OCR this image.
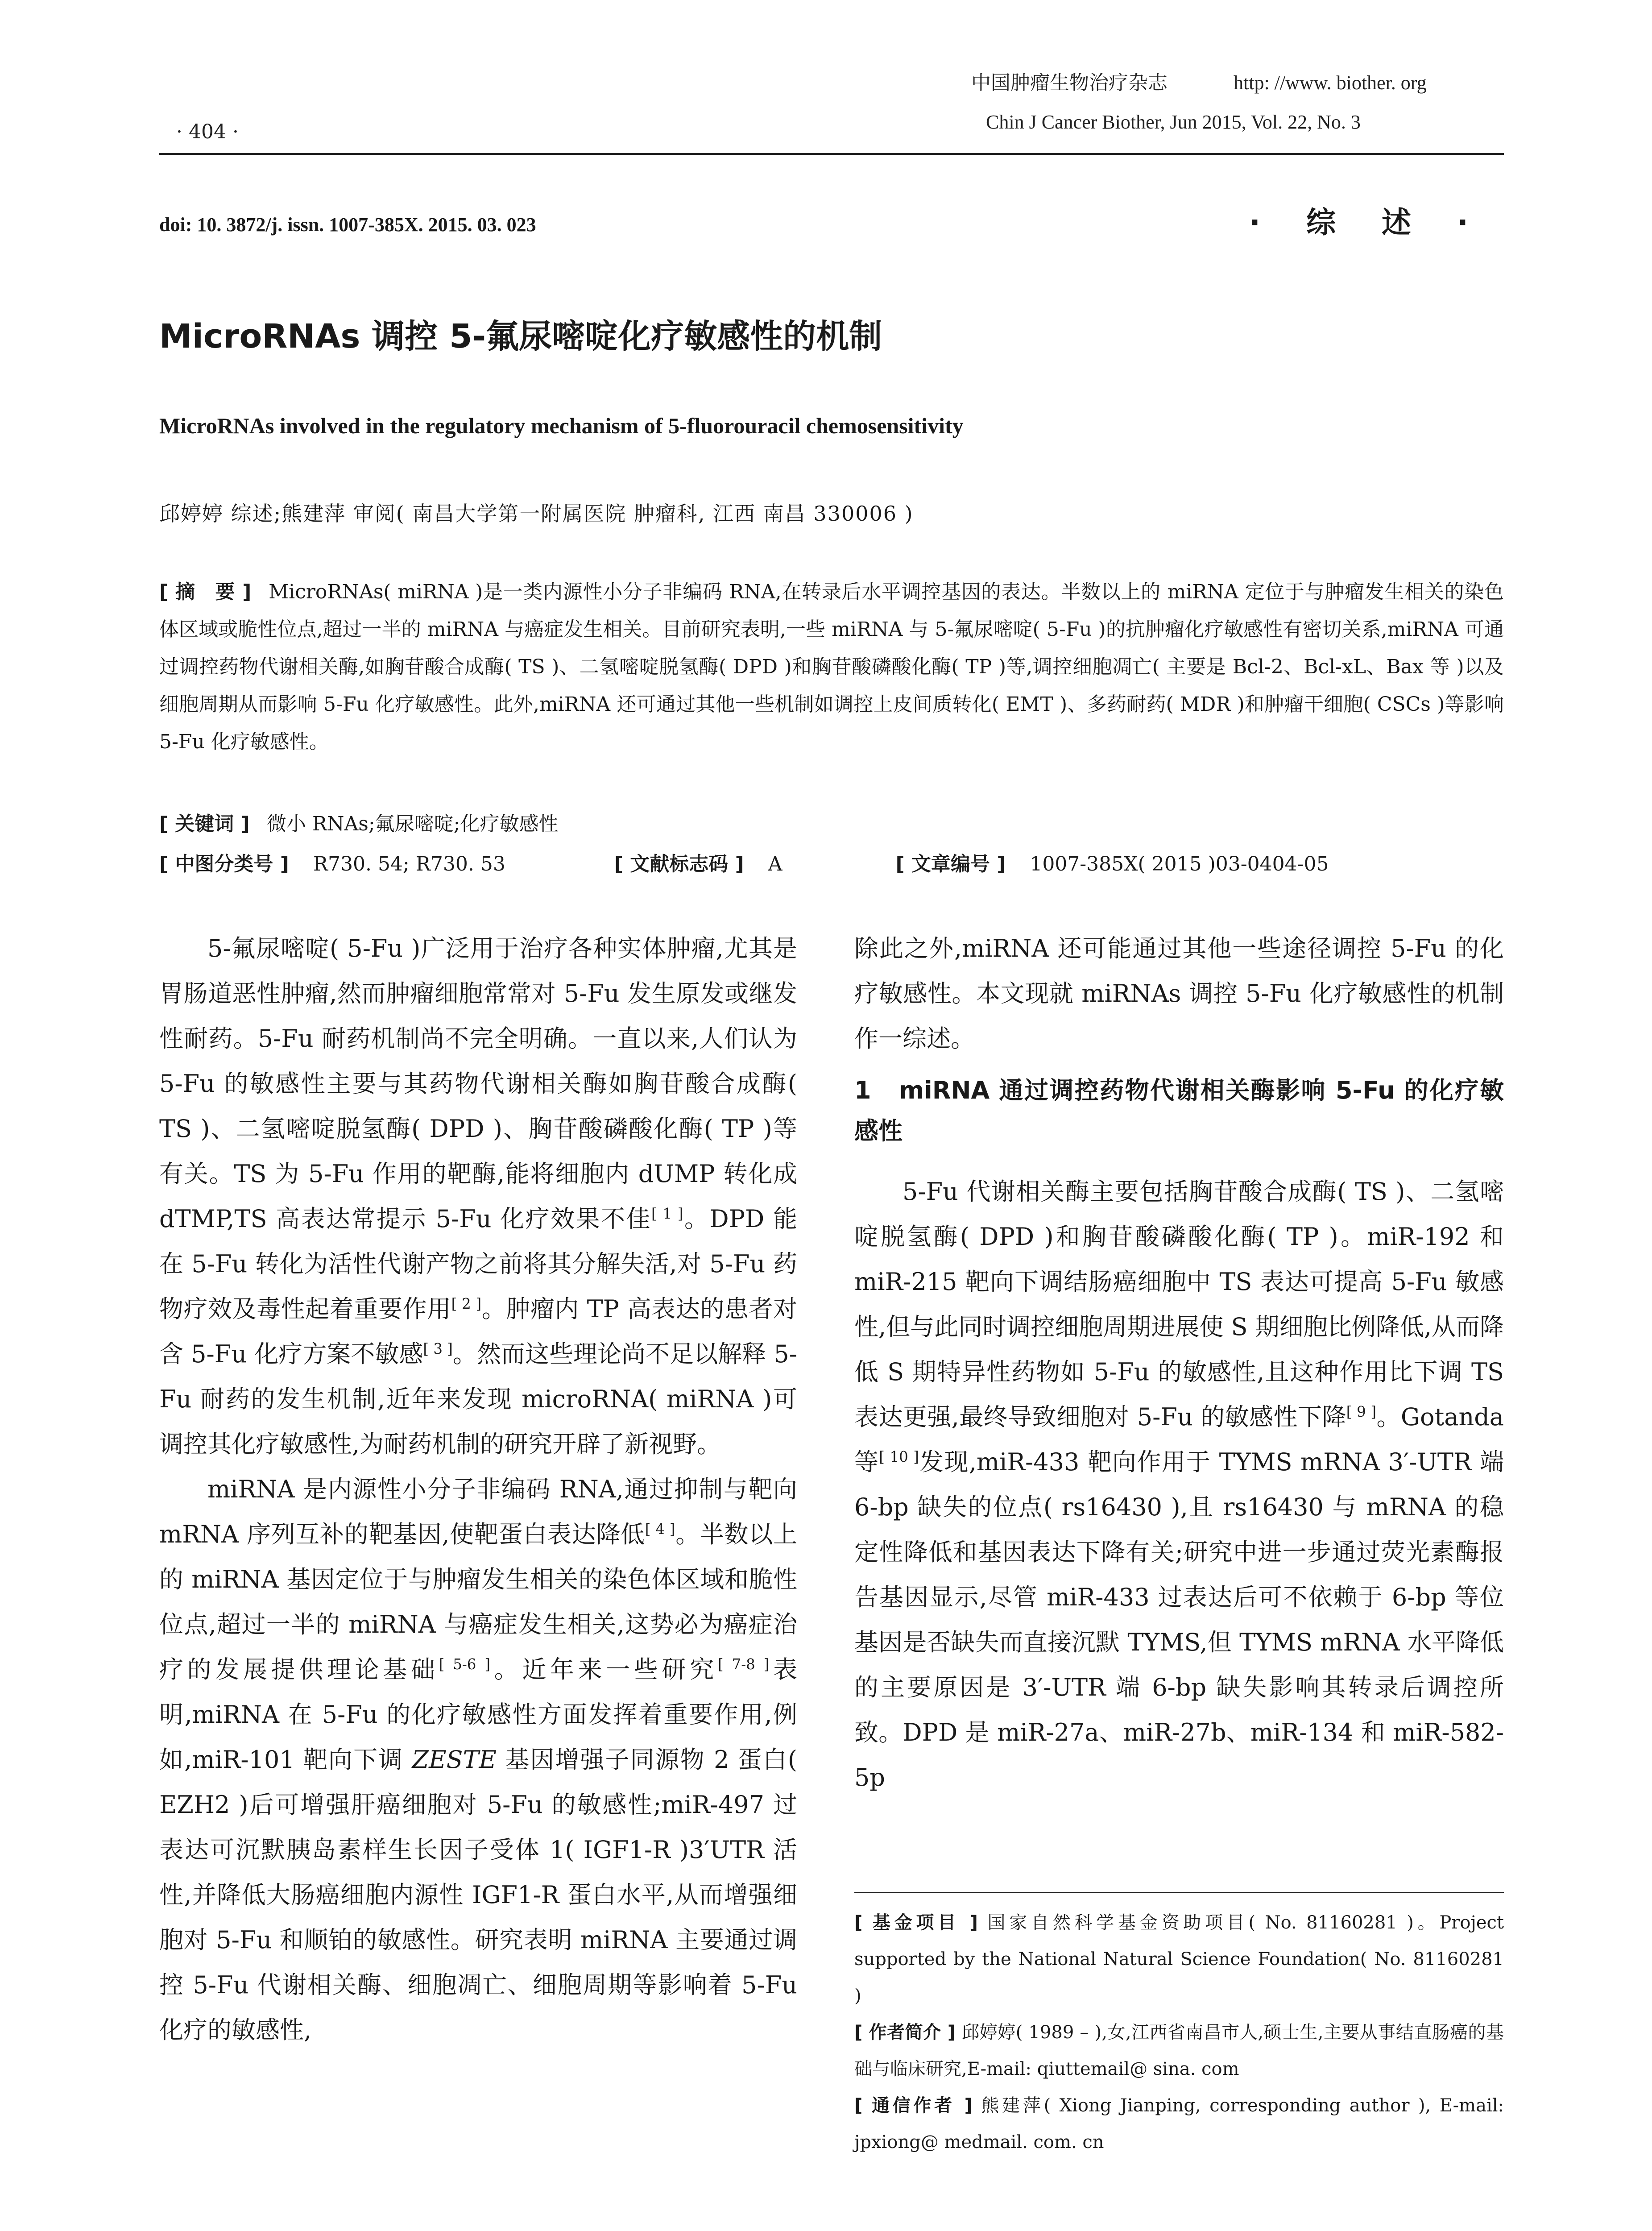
中国肿瘤生物治疗杂志	http: //www. biother. org
· 404 ·	Chin J Cancer Biother, Jun 2015, Vol. 22, No. 3
doi: 10. 3872/j. issn. 1007-385X. 2015. 03. 023	· 综 述 ·
MicroRNAs 调控 5-氟尿嘧啶化疗敏感性的机制
MicroRNAs involved in the regulatory mechanism of 5-fluorouracil chemosensitivity
邱婷婷 综述;熊建萍 审阅( 南昌大学第一附属医院 肿瘤科, 江西 南昌 330006 )
[ 摘　要 ] MicroRNAs( miRNA )是一类内源性小分子非编码 RNA,在转录后水平调控基因的表达。半数以上的 miRNA 定位于与肿瘤发生相关的染色体区域或脆性位点,超过一半的 miRNA 与癌症发生相关。目前研究表明,一些 miRNA 与 5-氟尿嘧啶( 5-Fu )的抗肿瘤化疗敏感性有密切关系,miRNA 可通过调控药物代谢相关酶,如胸苷酸合成酶( TS )、二氢嘧啶脱氢酶( DPD )和胸苷酸磷酸化酶( TP )等,调控细胞凋亡( 主要是 Bcl-2、Bcl-xL、Bax 等 )以及细胞周期从而影响 5-Fu 化疗敏感性。此外,miRNA 还可通过其他一些机制如调控上皮间质转化( EMT )、多药耐药( MDR )和肿瘤干细胞( CSCs )等影响 5-Fu 化疗敏感性。
[ 关键词 ] 微小 RNAs;氟尿嘧啶;化疗敏感性
[ 中图分类号 ] R730. 54; R730. 53	[ 文献标志码 ] A	[ 文章编号 ] 1007-385X( 2015 )03-0404-05

5-氟尿嘧啶( 5-Fu )广泛用于治疗各种实体肿瘤,尤其是胃肠道恶性肿瘤,然而肿瘤细胞常常对 5-Fu 发生原发或继发性耐药。5-Fu 耐药机制尚不完全明确。一直以来,人们认为 5-Fu 的敏感性主要与其药物代谢相关酶如胸苷酸合成酶( TS )、二氢嘧啶脱氢酶( DPD )、胸苷酸磷酸化酶( TP )等有关。TS 为 5-Fu 作用的靶酶,能将细胞内 dUMP 转化成 dTMP,TS 高表达常提示 5-Fu 化疗效果不佳[ 1 ]。DPD 能在 5-Fu 转化为活性代谢产物之前将其分解失活,对 5-Fu 药物疗效及毒性起着重要作用[ 2 ]。肿瘤内 TP 高表达的患者对含 5-Fu 化疗方案不敏感[ 3 ]。然而这些理论尚不足以解释 5-Fu 耐药的发生机制,近年来发现 microRNA( miRNA )可调控其化疗敏感性,为耐药机制的研究开辟了新视野。

miRNA 是内源性小分子非编码 RNA,通过抑制与靶向 mRNA 序列互补的靶基因,使靶蛋白表达降低[ 4 ]。半数以上的 miRNA 基因定位于与肿瘤发生相关的染色体区域和脆性位点,超过一半的 miRNA 与癌症发生相关,这势必为癌症治疗的发展提供理论基础[ 5-6 ]。近年来一些研究[ 7-8 ]表明,miRNA 在 5-Fu 的化疗敏感性方面发挥着重要作用,例如,miR-101 靶向下调 ZESTE 基因增强子同源物 2 蛋白( EZH2 )后可增强肝癌细胞对 5-Fu 的敏感性;miR-497 过表达可沉默胰岛素样生长因子受体 1( IGF1-R )3′UTR 活性,并降低大肠癌细胞内源性 IGF1-R 蛋白水平,从而增强细胞对 5-Fu 和顺铂的敏感性。研究表明 miRNA 主要通过调控 5-Fu 代谢相关酶、细胞凋亡、细胞周期等影响着 5-Fu 化疗的敏感性,

除此之外,miRNA 还可能通过其他一些途径调控 5-Fu 的化疗敏感性。本文现就 miRNAs 调控 5-Fu 化疗敏感性的机制作一综述。

1 miRNA 通过调控药物代谢相关酶影响 5-Fu 的化疗敏感性

5-Fu 代谢相关酶主要包括胸苷酸合成酶( TS )、二氢嘧啶脱氢酶( DPD )和胸苷酸磷酸化酶( TP )。miR-192 和 miR-215 靶向下调结肠癌细胞中 TS 表达可提高 5-Fu 敏感性,但与此同时调控细胞周期进展使 S 期细胞比例降低,从而降低 S 期特异性药物如 5-Fu 的敏感性,且这种作用比下调 TS 表达更强,最终导致细胞对 5-Fu 的敏感性下降[ 9 ]。Gotanda 等[ 10 ]发现,miR-433 靶向作用于 TYMS mRNA 3′-UTR 端 6-bp 缺失的位点( rs16430 ),且 rs16430 与 mRNA 的稳定性降低和基因表达下降有关;研究中进一步通过荧光素酶报告基因显示,尽管 miR-433 过表达后可不依赖于 6-bp 等位基因是否缺失而直接沉默 TYMS,但 TYMS mRNA 水平降低的主要原因是 3′-UTR 端 6-bp 缺失影响其转录后调控所致。DPD 是 miR-27a、miR-27b、miR-134 和 miR-582-5p

[ 基金项目 ] 国家自然科学基金资助项目( No. 81160281 )。Project supported by the National Natural Science Foundation( No. 81160281 )

[ 作者简介 ] 邱婷婷( 1989 – ),女,江西省南昌市人,硕士生,主要从事结直肠癌的基础与临床研究,E-mail: qiuttemail@ sina. com

[ 通信作者 ] 熊建萍( Xiong Jianping, corresponding author ), E-mail: jpxiong@ medmail. com. cn
